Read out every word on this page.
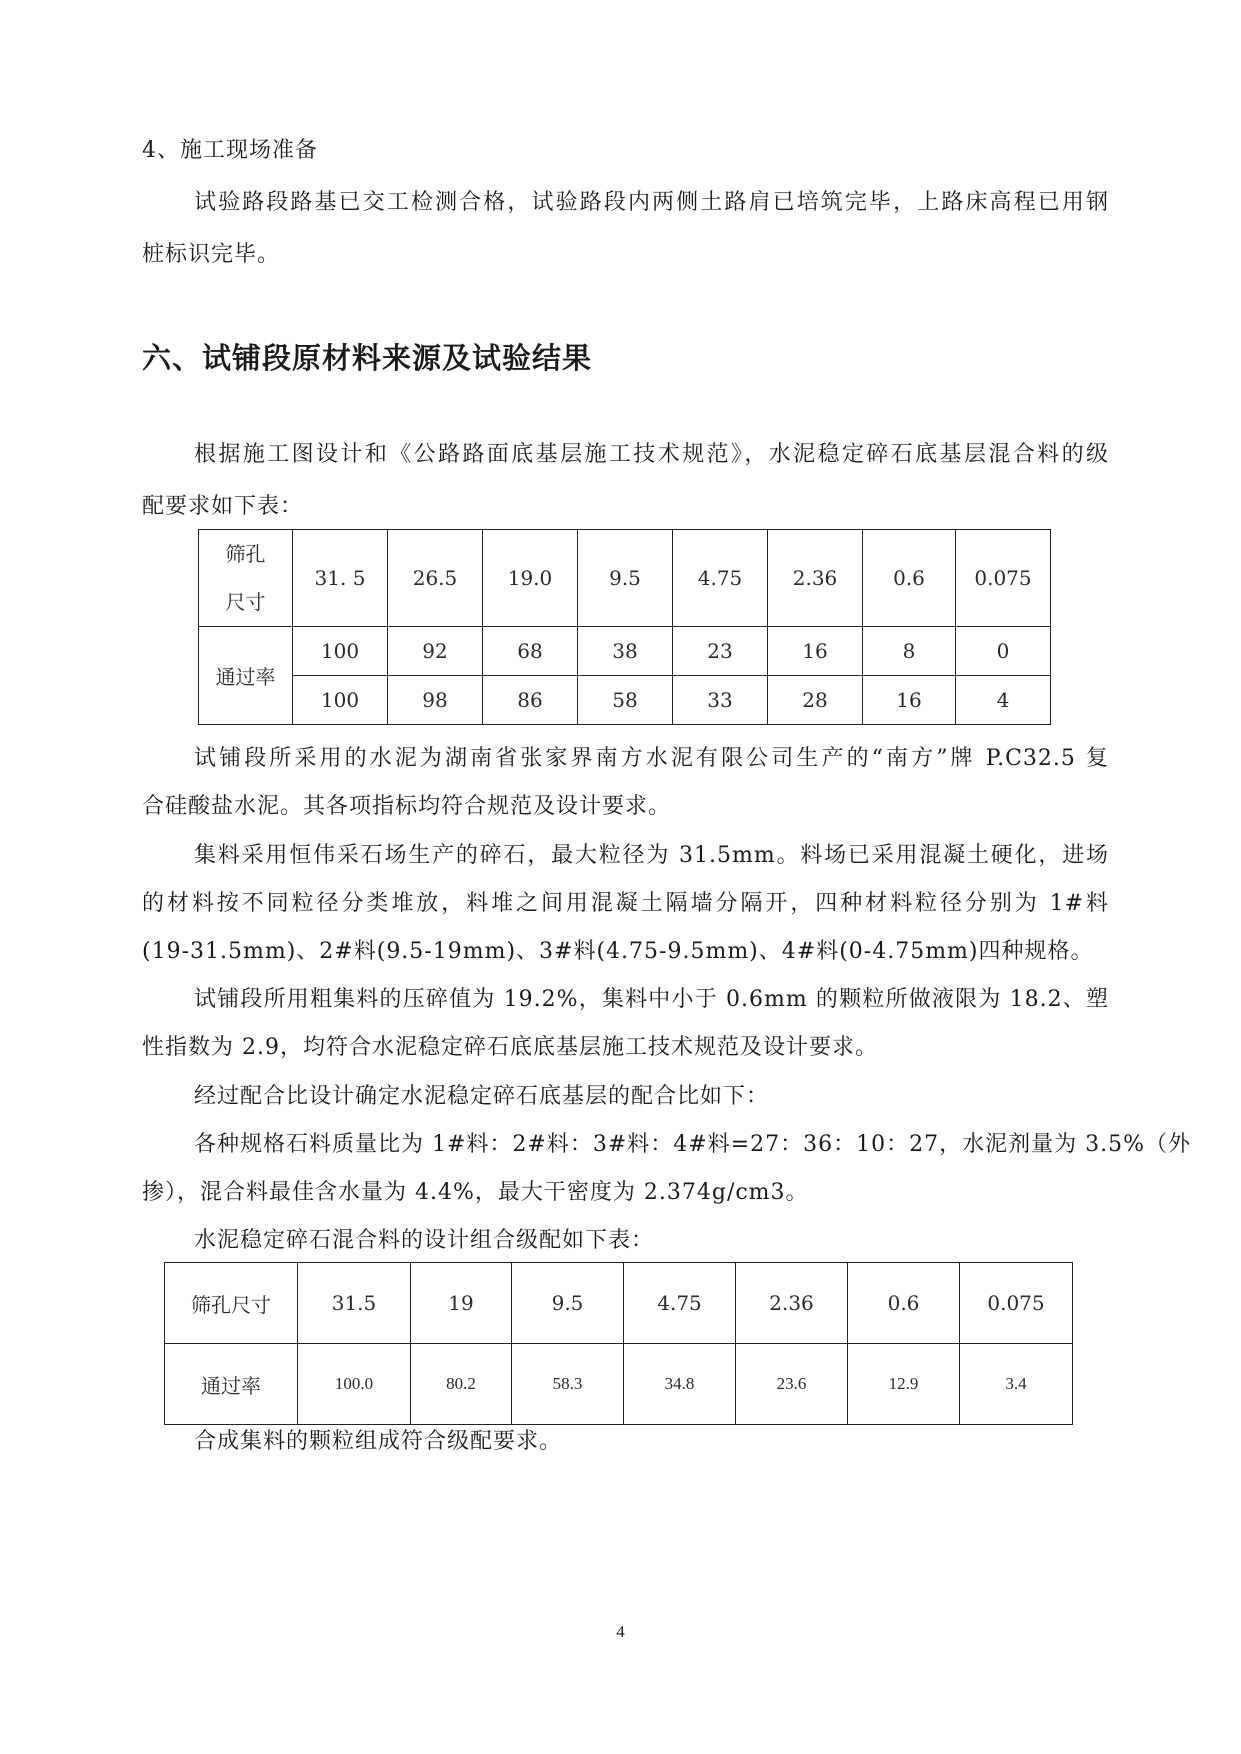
4、施工现场准备
试验路段路基已交工检测合格，试验路段内两侧土路肩已培筑完毕，上路床高程已用钢
桩标识完毕。
六、试铺段原材料来源及试验结果
根据施工图设计和《公路路面底基层施工技术规范》，水泥稳定碎石底基层混合料的级
配要求如下表：
筛孔
尺寸	31. 5	26.5	19.0	9.5	4.75	2.36	0.6	0.075
通过率	100	92	68	38	23	16	8	0
	100	98	86	58	33	28	16	4
试铺段所采用的水泥为湖南省张家界南方水泥有限公司生产的“南方”牌 P.C32.5 复
合硅酸盐水泥。其各项指标均符合规范及设计要求。
集料采用恒伟采石场生产的碎石，最大粒径为 31.5mm。料场已采用混凝土硬化，进场
的材料按不同粒径分类堆放，料堆之间用混凝土隔墙分隔开，四种材料粒径分别为 1#料
(19-31.5mm)、2#料(9.5-19mm)、3#料(4.75-9.5mm)、4#料(0-4.75mm)四种规格。
试铺段所用粗集料的压碎值为 19.2%，集料中小于 0.6mm 的颗粒所做液限为 18.2、塑
性指数为 2.9，均符合水泥稳定碎石底底基层施工技术规范及设计要求。
经过配合比设计确定水泥稳定碎石底基层的配合比如下：
各种规格石料质量比为 1#料：2#料：3#料：4#料=27：36：10：27，水泥剂量为 3.5%（外
掺），混合料最佳含水量为 4.4%，最大干密度为 2.374g/cm3。
水泥稳定碎石混合料的设计组合级配如下表：
筛孔尺寸	31.5	19	9.5	4.75	2.36	0.6	0.075
通过率	100.0	80.2	58.3	34.8	23.6	12.9	3.4
合成集料的颗粒组成符合级配要求。
4
